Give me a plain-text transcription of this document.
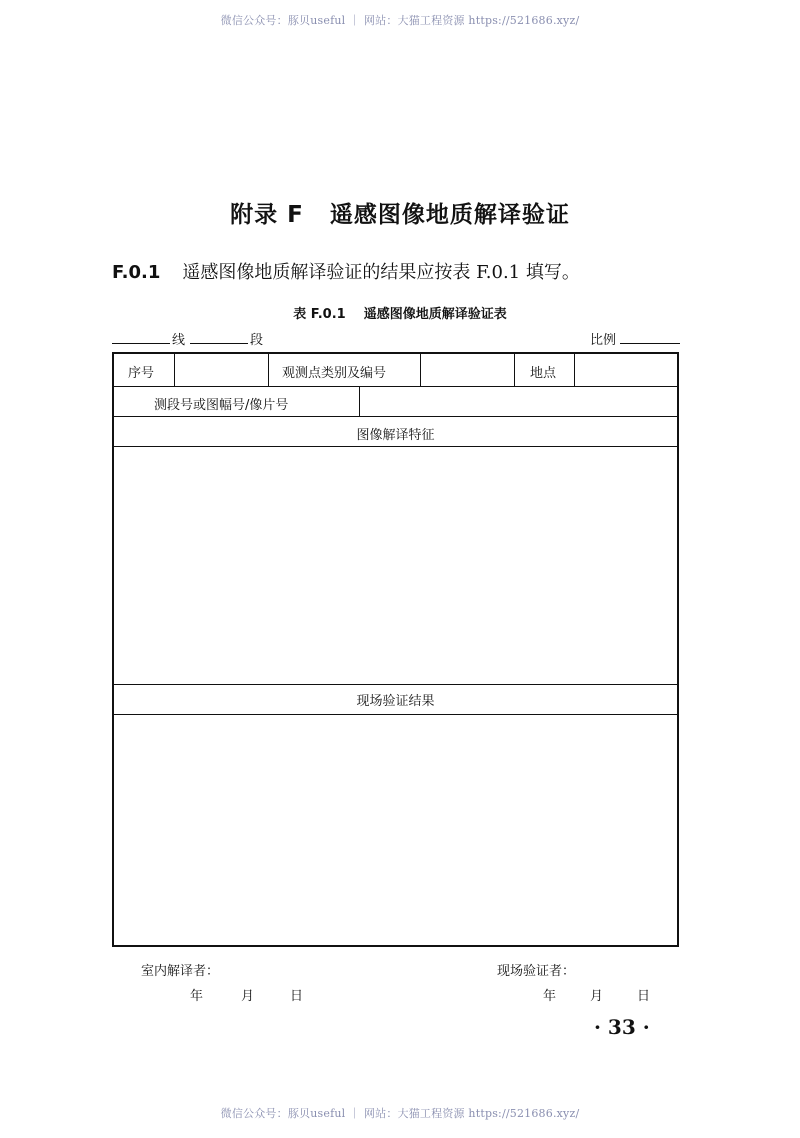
微信公众号：豚贝useful ｜ 网站：大猫工程资源 https://521686.xyz/
附录 F 遥感图像地质解译验证
F.0.1 遥感图像地质解译验证的结果应按表 F.0.1 填写。
表 F.0.1 遥感图像地质解译验证表
线	段	比例
序号	观测点类别及编号	地点
测段号或图幅号/像片号
图像解译特征
现场验证结果
室内解译者：	现场验证者：
年	月	日	年	月	日
· 33 ·
微信公众号：豚贝useful ｜ 网站：大猫工程资源 https://521686.xyz/
